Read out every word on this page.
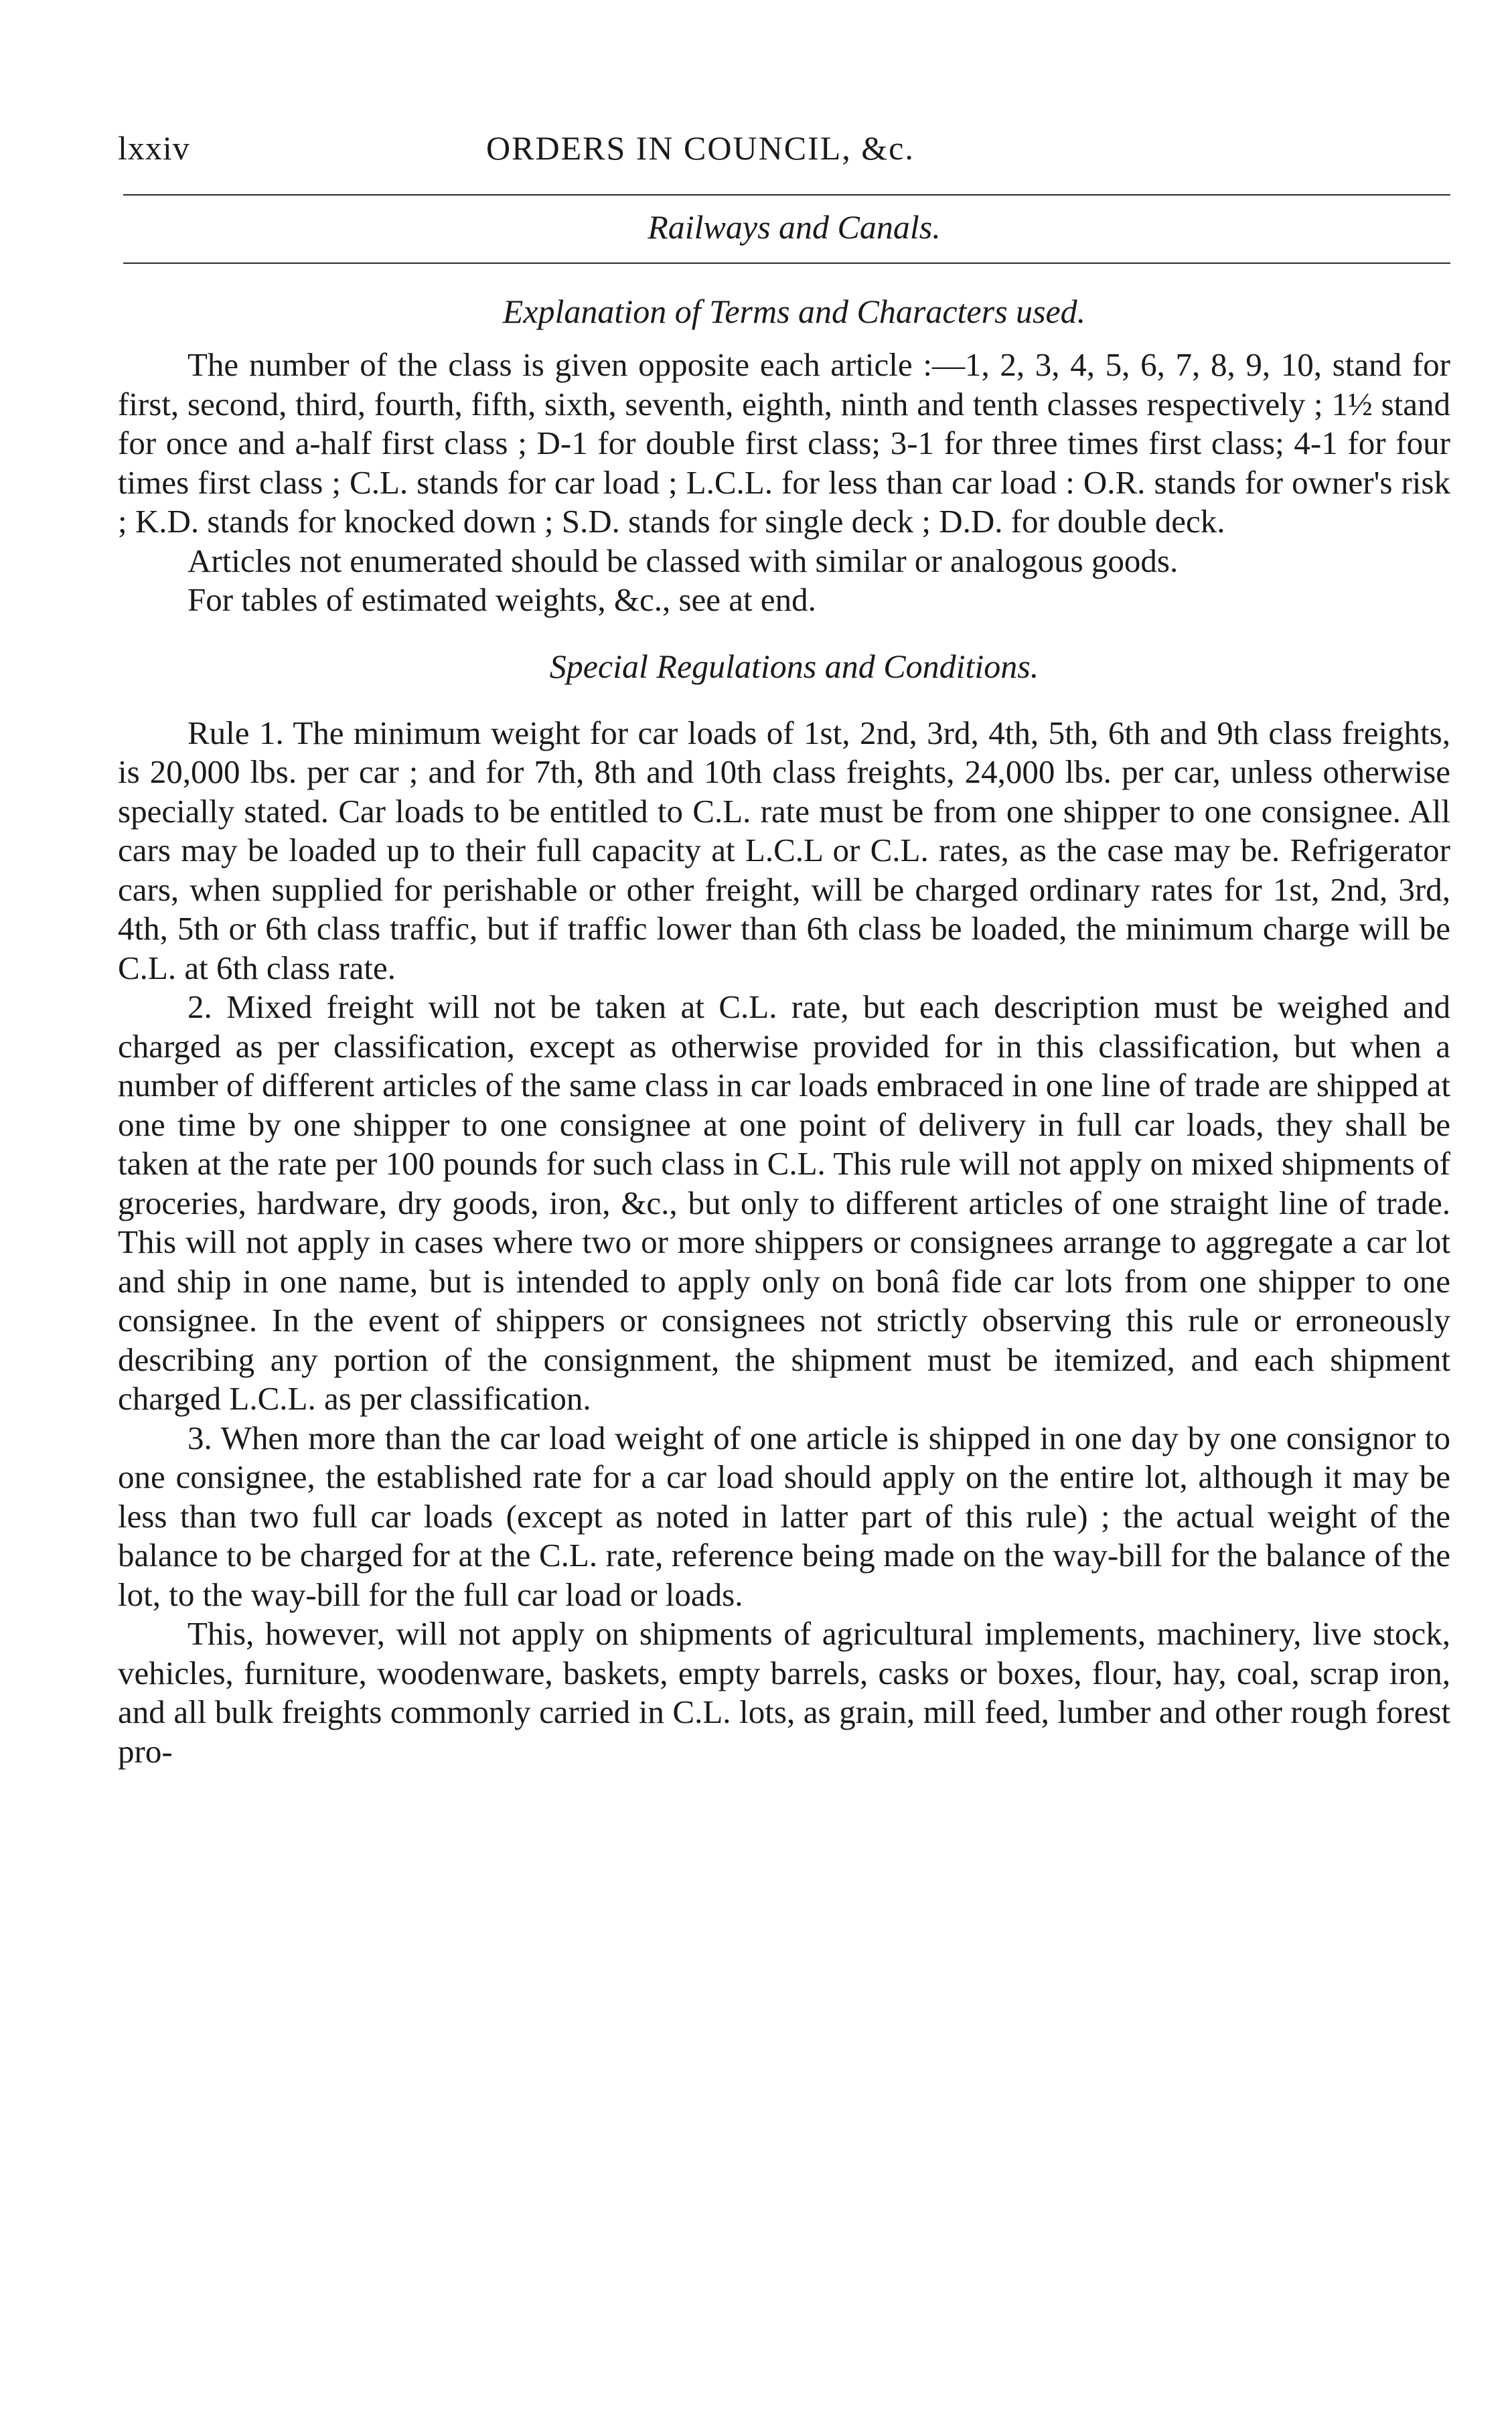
lxxiv	ORDERS IN COUNCIL, &c.
Railways and Canals.
Explanation of Terms and Characters used.

The number of the class is given opposite each article :—1, 2, 3, 4, 5, 6, 7, 8, 9, 10, stand for first, second, third, fourth, fifth, sixth, seventh, eighth, ninth and tenth classes respectively ; 1½ stand for once and a-half first class ; D-1 for double first class; 3-1 for three times first class; 4-1 for four times first class ; C.L. stands for car load ; L.C.L. for less than car load : O.R. stands for owner's risk ; K.D. stands for knocked down ; S.D. stands for single deck ; D.D. for double deck.

Articles not enumerated should be classed with similar or analogous goods.

For tables of estimated weights, &c., see at end.

Special Regulations and Conditions.

Rule 1. The minimum weight for car loads of 1st, 2nd, 3rd, 4th, 5th, 6th and 9th class freights, is 20,000 lbs. per car ; and for 7th, 8th and 10th class freights, 24,000 lbs. per car, unless otherwise specially stated. Car loads to be entitled to C.L. rate must be from one shipper to one consignee. All cars may be loaded up to their full capacity at L.C.L or C.L. rates, as the case may be. Refrigerator cars, when supplied for perishable or other freight, will be charged ordinary rates for 1st, 2nd, 3rd, 4th, 5th or 6th class traffic, but if traffic lower than 6th class be loaded, the minimum charge will be C.L. at 6th class rate.

2. Mixed freight will not be taken at C.L. rate, but each description must be weighed and charged as per classification, except as otherwise provided for in this classification, but when a number of different articles of the same class in car loads embraced in one line of trade are shipped at one time by one shipper to one consignee at one point of delivery in full car loads, they shall be taken at the rate per 100 pounds for such class in C.L. This rule will not apply on mixed shipments of groceries, hardware, dry goods, iron, &c., but only to different articles of one straight line of trade. This will not apply in cases where two or more shippers or consignees arrange to aggregate a car lot and ship in one name, but is intended to apply only on bonâ fide car lots from one shipper to one consignee. In the event of shippers or consignees not strictly observing this rule or erroneously describing any portion of the consignment, the shipment must be itemized, and each shipment charged L.C.L. as per classification.

3. When more than the car load weight of one article is shipped in one day by one consignor to one consignee, the established rate for a car load should apply on the entire lot, although it may be less than two full car loads (except as noted in latter part of this rule) ; the actual weight of the balance to be charged for at the C.L. rate, reference being made on the way-bill for the balance of the lot, to the way-bill for the full car load or loads.

This, however, will not apply on shipments of agricultural implements, machinery, live stock, vehicles, furniture, woodenware, baskets, empty barrels, casks or boxes, flour, hay, coal, scrap iron, and all bulk freights commonly carried in C.L. lots, as grain, mill feed, lumber and other rough forest pro-
